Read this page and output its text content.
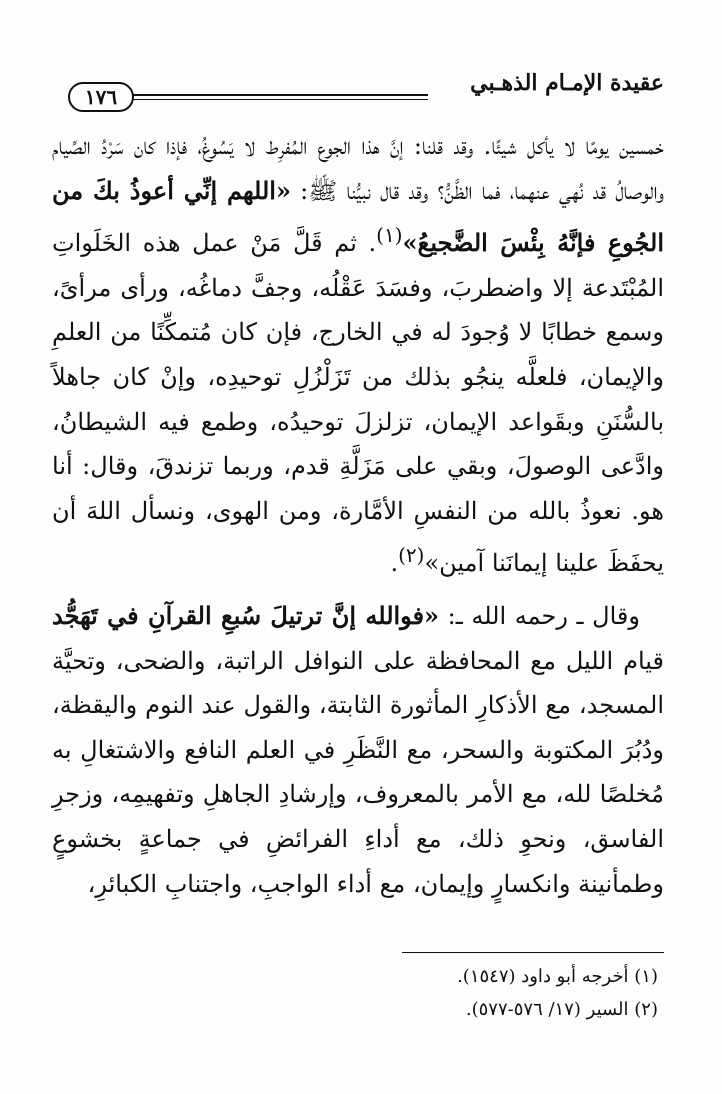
عقيدة الإمـام الذهـبي
١٧٦

خمسين يومًا لا يأكل شيئًا. وقد قلنا: إنَّ هذا الجوع المُفرِط لا يَسُوغُ، فإذا كان سَرْدُ الصِّيام والوصالُ قد نُهي عنهما، فما الظَّنُّ؟ وقد قال نبيُّنا ﷺ: «اللهم إنِّي أعوذُ بكَ من الجُوعِ فإنَّهُ بِئْسَ الضَّجيعُ»$^{(١)}$. ثم قَلَّ مَنْ عمل هذه الخَلَواتِ المُبْتَدعة إلا واضطربَ، وفسَدَ عَقْلُه، وجفَّ دماغُه، ورأى مرأىً، وسمع خطابًا لا وُجودَ له في الخارج، فإن كان مُتمكِّنًا من العلمِ والإيمان، فلعلَّه ينجُو بذلك من تَزَلْزُلِ توحيدِه، وإنْ كان جاهلاً بالسُّنَنِ وبقَواعد الإيمان، تزلزلَ توحيدُه، وطمع فيه الشيطانُ، وادَّعى الوصولَ، وبقي على مَزَلَّةِ قدم، وربما تزندقَ، وقال: أنا هو. نعوذُ بالله من النفسِ الأمَّارة، ومن الهوى، ونسأل اللهَ أن يحفَظَ علينا إيمانَنا آمين»$^{(٢)}$.

وقال ـ رحمه الله ـ: «فوالله إنَّ ترتيلَ سُبعِ القرآنِ في تَهَجُّد قيام الليل مع المحافظة على النوافل الراتبة، والضحى، وتحيَّة المسجد، مع الأذكارِ المأثورة الثابتة، والقول عند النوم واليقظة، ودُبُرَ المكتوبة والسحر، مع النَّظَرِ في العلم النافع والاشتغالِ به مُخلصًا لله، مع الأمر بالمعروف، وإرشادِ الجاهلِ وتفهيمِه، وزجرِ الفاسق، ونحوِ ذلك، مع أداءِ الفرائضِ في جماعةٍ بخشوعٍ وطمأنينة وانكسارٍ وإيمان، مع أداء الواجبِ، واجتنابِ الكبائرِ،

(١) أخرجه أبو داود (١٥٤٧).
(٢) السير (١٧/ ٥٧٦-٥٧٧).
